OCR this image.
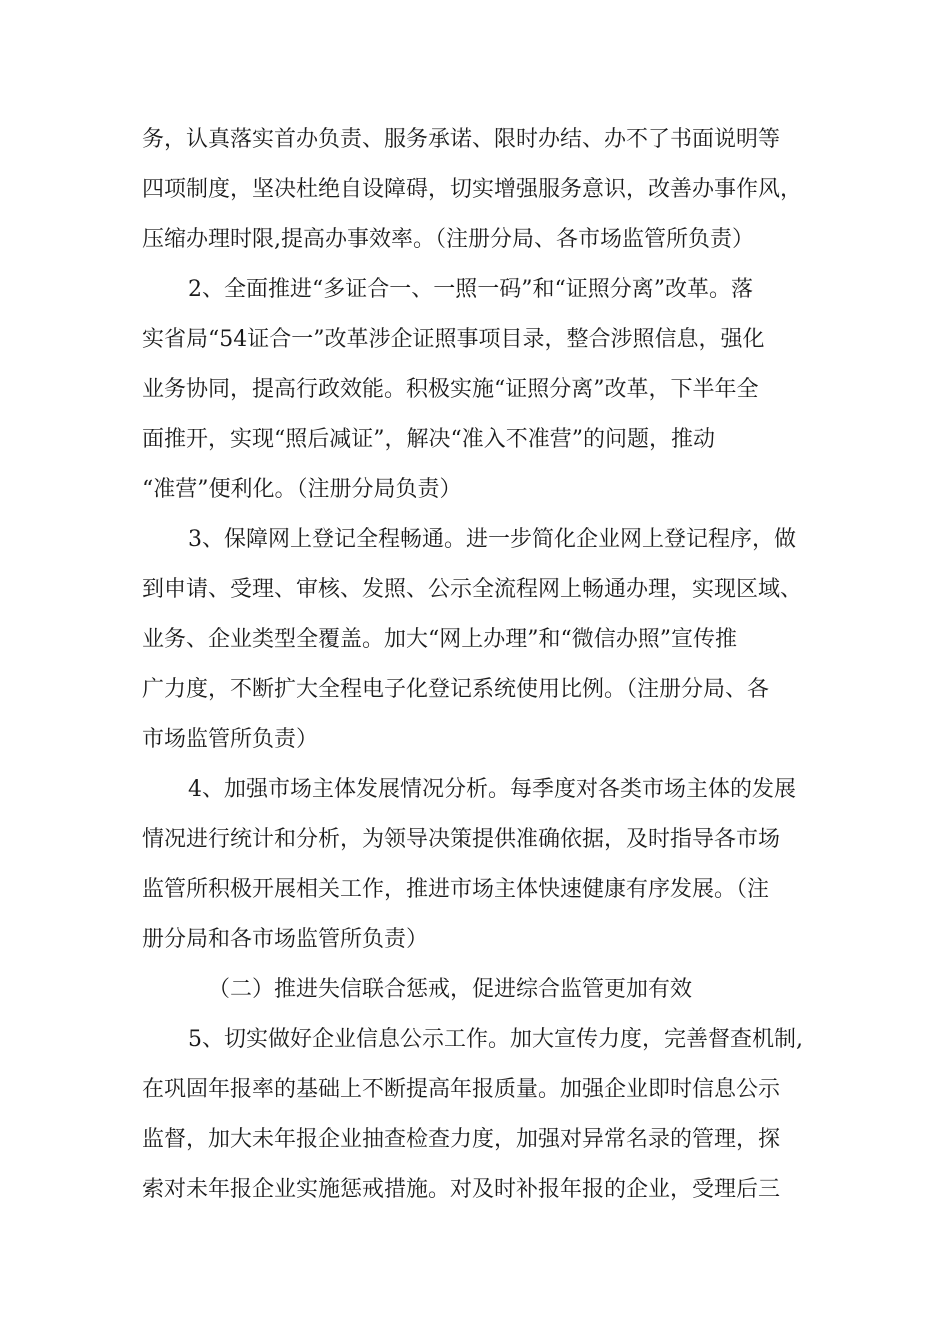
务，认真落实首办负责、服务承诺、限时办结、办不了书面说明等
四项制度，坚决杜绝自设障碍，切实增强服务意识，改善办事作风，
压缩办理时限,提高办事效率。（注册分局、各市场监管所负责）
2、全面推进“多证合一、一照一码”和“证照分离”改革。落
实省局“54证合一”改革涉企证照事项目录，整合涉照信息，强化
业务协同，提高行政效能。积极实施“证照分离”改革，下半年全
面推开，实现“照后减证”，解决“准入不准营”的问题，推动
“准营”便利化。（注册分局负责）
3、保障网上登记全程畅通。进一步简化企业网上登记程序，做
到申请、受理、审核、发照、公示全流程网上畅通办理，实现区域、
业务、企业类型全覆盖。加大“网上办理”和“微信办照”宣传推
广力度，不断扩大全程电子化登记系统使用比例。（注册分局、各
市场监管所负责）
4、加强市场主体发展情况分析。每季度对各类市场主体的发展
情况进行统计和分析，为领导决策提供准确依据，及时指导各市场
监管所积极开展相关工作，推进市场主体快速健康有序发展。（注
册分局和各市场监管所负责）
（二）推进失信联合惩戒，促进综合监管更加有效
5、切实做好企业信息公示工作。加大宣传力度，完善督查机制,
在巩固年报率的基础上不断提高年报质量。加强企业即时信息公示
监督，加大未年报企业抽查检查力度，加强对异常名录的管理，探
索对未年报企业实施惩戒措施。对及时补报年报的企业，受理后三
